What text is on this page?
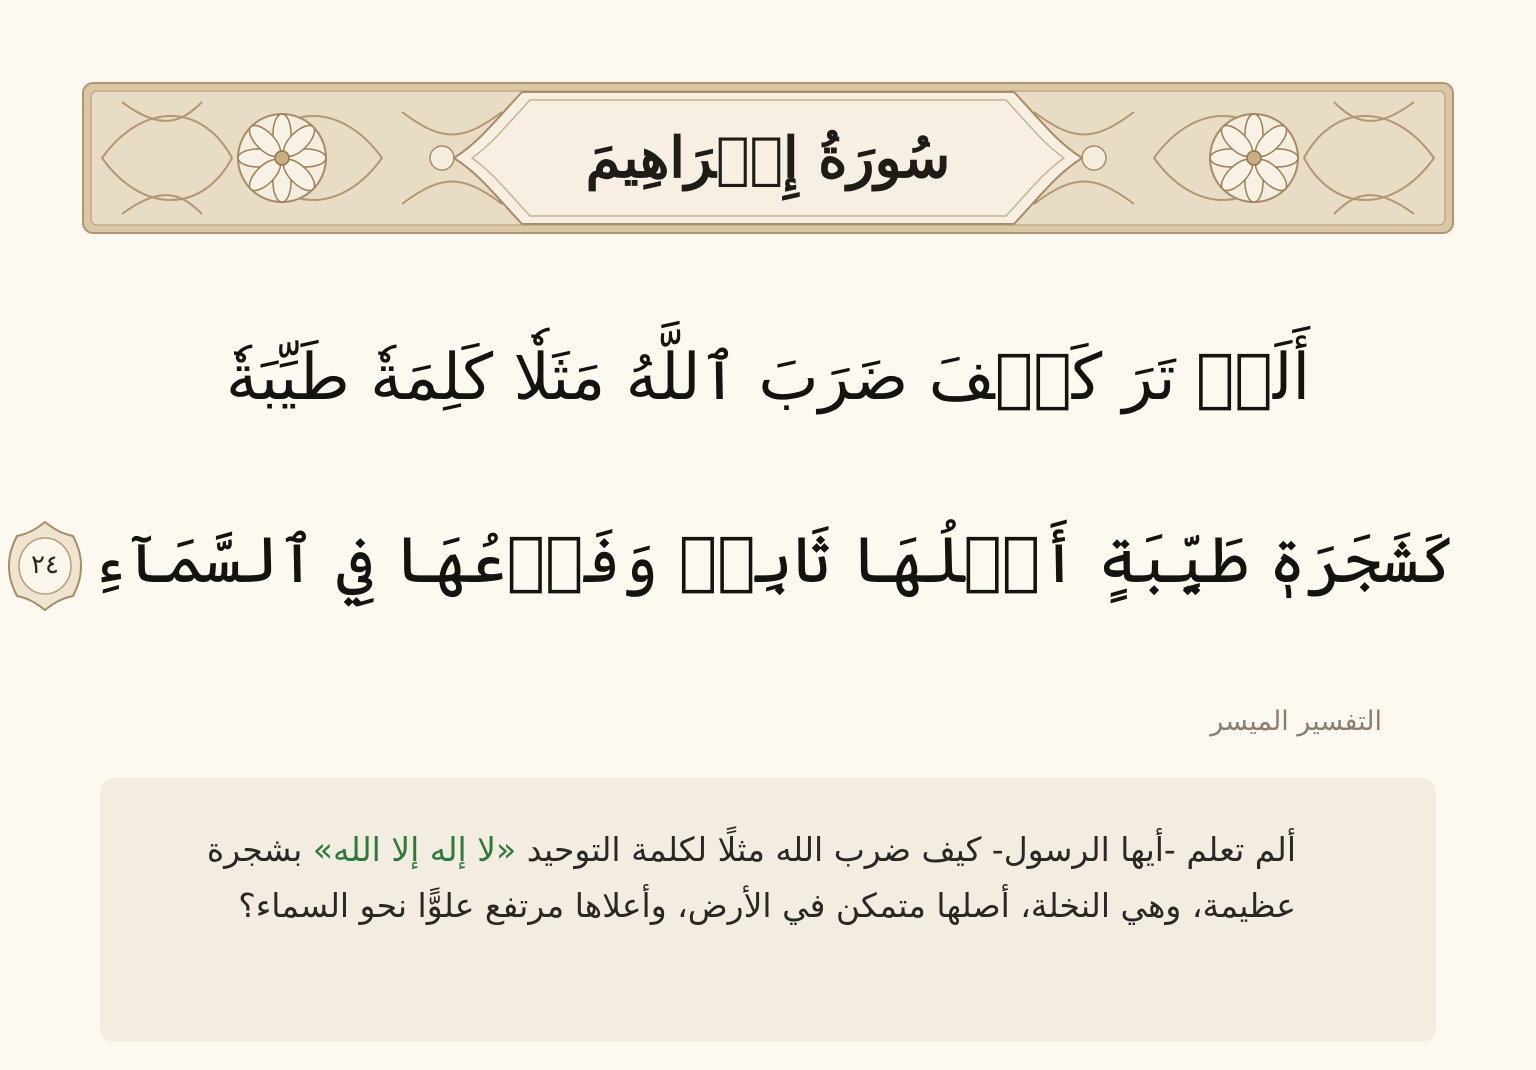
سُورَةُ إِبۡرَاهِيمَ
أَلَمۡ تَرَ كَيۡفَ ضَرَبَ ٱللَّهُ مَثَلٗا كَلِمَةٗ طَيِّبَةٗ
كَشَجَرَةٖ طَيِّبَةٍ أَصۡلُهَا ثَابِتٞ وَفَرۡعُهَا فِي ٱلسَّمَآءِ
٢٤
التفسير الميسر
ألم تعلم -أيها الرسول- كيف ضرب الله مثلًا لكلمة التوحيد «لا إله إلا الله» بشجرة عظيمة، وهي النخلة، أصلها متمكن في الأرض، وأعلاها مرتفع علوًّا نحو السماء؟
